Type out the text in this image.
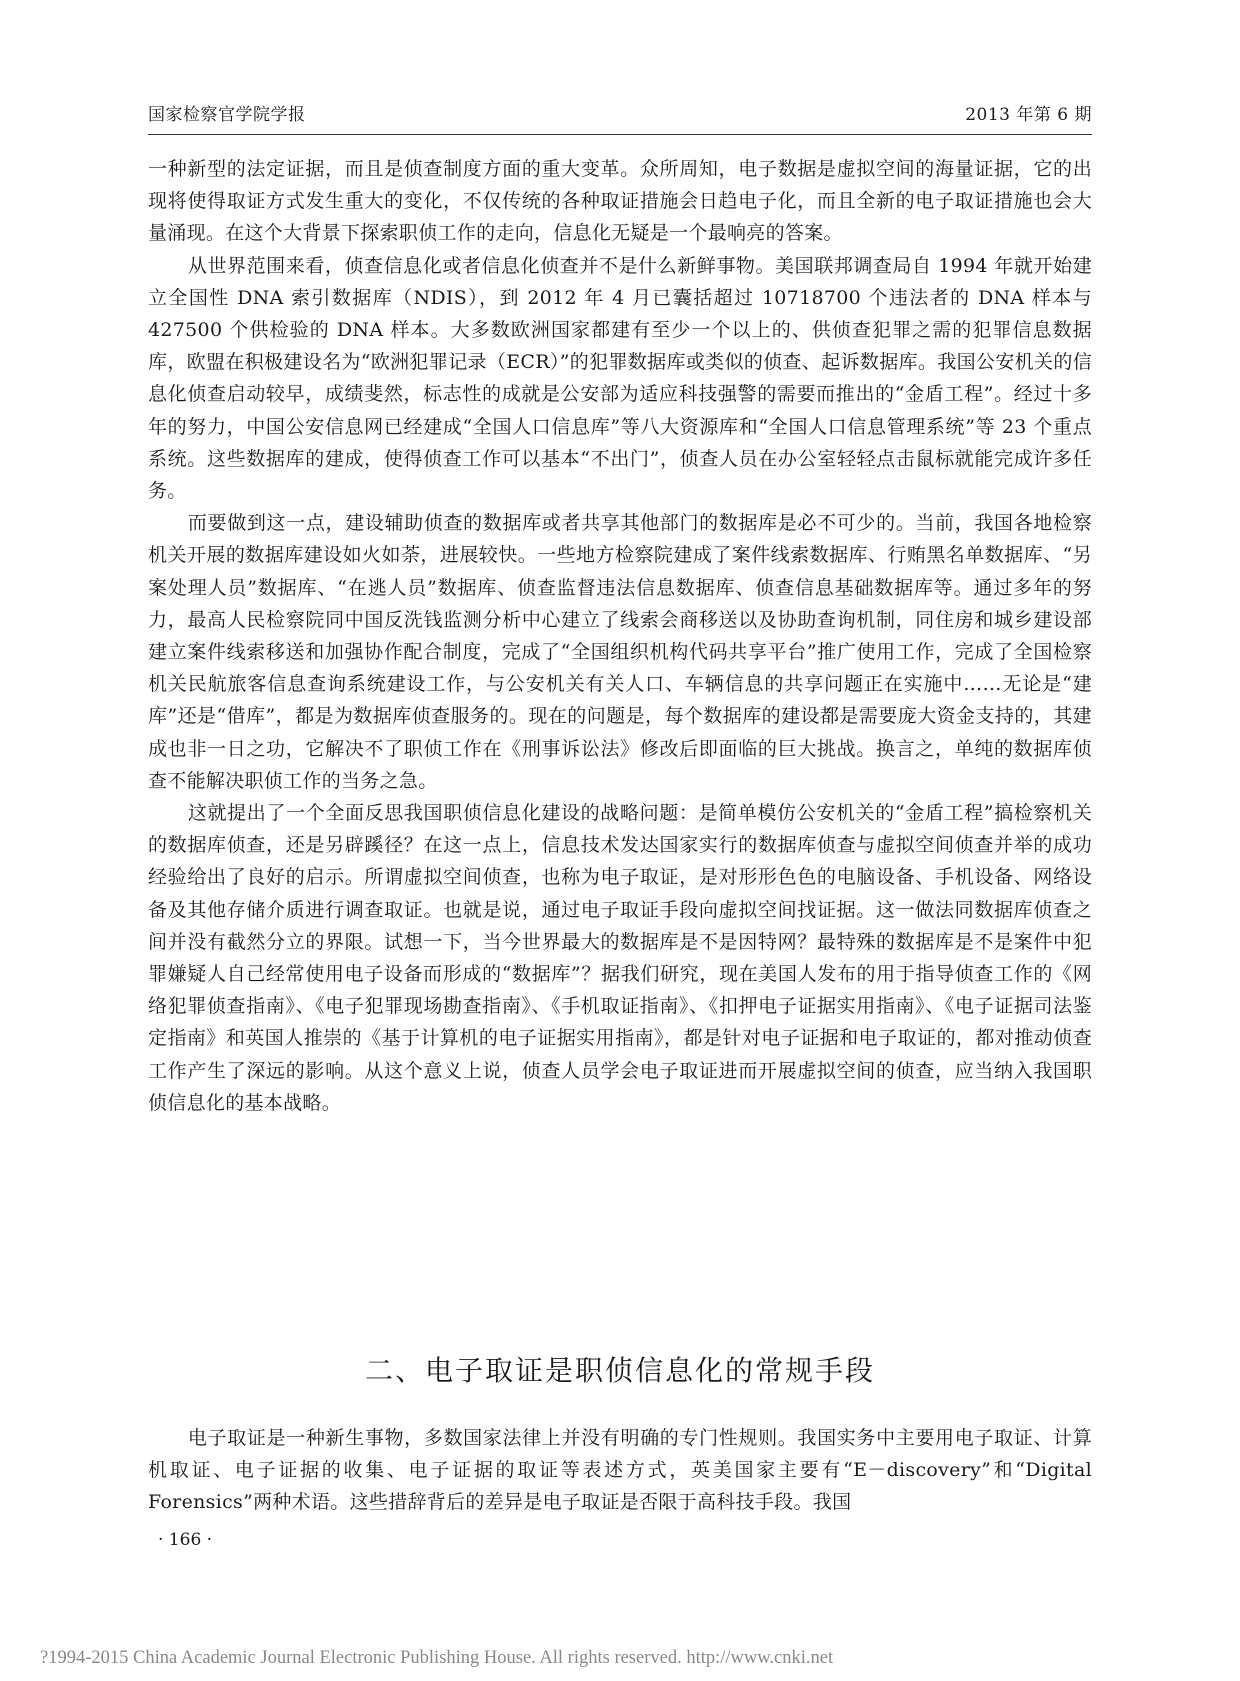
国家检察官学院学报	2013 年第 6 期

一种新型的法定证据，而且是侦查制度方面的重大变革。众所周知，电子数据是虚拟空间的海量证据，它的出现将使得取证方式发生重大的变化，不仅传统的各种取证措施会日趋电子化，而且全新的电子取证措施也会大量涌现。在这个大背景下探索职侦工作的走向，信息化无疑是一个最响亮的答案。

从世界范围来看，侦查信息化或者信息化侦查并不是什么新鲜事物。美国联邦调查局自 1994 年就开始建立全国性 DNA 索引数据库（NDIS），到 2012 年 4 月已囊括超过 10718700 个违法者的 DNA 样本与 427500 个供检验的 DNA 样本。大多数欧洲国家都建有至少一个以上的、供侦查犯罪之需的犯罪信息数据库，欧盟在积极建设名为“欧洲犯罪记录（ECR）”的犯罪数据库或类似的侦查、起诉数据库。我国公安机关的信息化侦查启动较早，成绩斐然，标志性的成就是公安部为适应科技强警的需要而推出的“金盾工程”。经过十多年的努力，中国公安信息网已经建成“全国人口信息库”等八大资源库和“全国人口信息管理系统”等 23 个重点系统。这些数据库的建成，使得侦查工作可以基本“不出门”，侦查人员在办公室轻轻点击鼠标就能完成许多任务。

而要做到这一点，建设辅助侦查的数据库或者共享其他部门的数据库是必不可少的。当前，我国各地检察机关开展的数据库建设如火如荼，进展较快。一些地方检察院建成了案件线索数据库、行贿黑名单数据库、“另案处理人员”数据库、“在逃人员”数据库、侦查监督违法信息数据库、侦查信息基础数据库等。通过多年的努力，最高人民检察院同中国反洗钱监测分析中心建立了线索会商移送以及协助查询机制，同住房和城乡建设部建立案件线索移送和加强协作配合制度，完成了“全国组织机构代码共享平台”推广使用工作，完成了全国检察机关民航旅客信息查询系统建设工作，与公安机关有关人口、车辆信息的共享问题正在实施中……无论是“建库”还是“借库”，都是为数据库侦查服务的。现在的问题是，每个数据库的建设都是需要庞大资金支持的，其建成也非一日之功，它解决不了职侦工作在《刑事诉讼法》修改后即面临的巨大挑战。换言之，单纯的数据库侦查不能解决职侦工作的当务之急。

这就提出了一个全面反思我国职侦信息化建设的战略问题：是简单模仿公安机关的“金盾工程”搞检察机关的数据库侦查，还是另辟蹊径？在这一点上，信息技术发达国家实行的数据库侦查与虚拟空间侦查并举的成功经验给出了良好的启示。所谓虚拟空间侦查，也称为电子取证，是对形形色色的电脑设备、手机设备、网络设备及其他存储介质进行调查取证。也就是说，通过电子取证手段向虚拟空间找证据。这一做法同数据库侦查之间并没有截然分立的界限。试想一下，当今世界最大的数据库是不是因特网？最特殊的数据库是不是案件中犯罪嫌疑人自己经常使用电子设备而形成的“数据库”？据我们研究，现在美国人发布的用于指导侦查工作的《网络犯罪侦查指南》、《电子犯罪现场勘查指南》、《手机取证指南》、《扣押电子证据实用指南》、《电子证据司法鉴定指南》和英国人推崇的《基于计算机的电子证据实用指南》，都是针对电子证据和电子取证的，都对推动侦查工作产生了深远的影响。从这个意义上说，侦查人员学会电子取证进而开展虚拟空间的侦查，应当纳入我国职侦信息化的基本战略。

二、电子取证是职侦信息化的常规手段

电子取证是一种新生事物，多数国家法律上并没有明确的专门性规则。我国实务中主要用电子取证、计算机取证、电子证据的收集、电子证据的取证等表述方式，英美国家主要有“E－discovery”和“Digital Forensics”两种术语。这些措辞背后的差异是电子取证是否限于高科技手段。我国

· 166 ·
?1994-2015 China Academic Journal Electronic Publishing House. All rights reserved. http://www.cnki.net
